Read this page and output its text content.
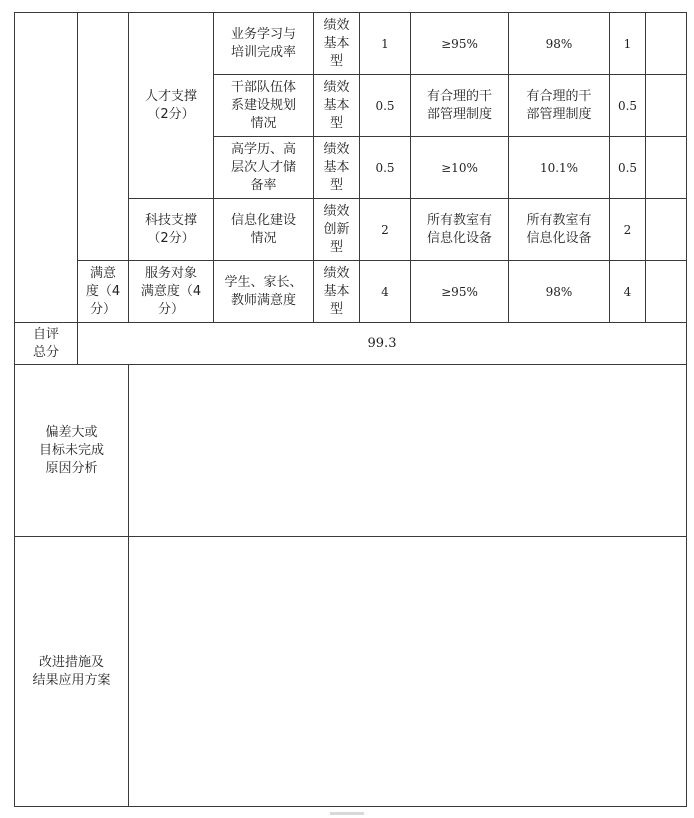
		人才支撑
（2分）	业务学习与
培训完成率	绩效
基本
型	1	≥95%	98%	1	
			干部队伍体
系建设规划
情况	绩效
基本
型	0.5	有合理的干
部管理制度	有合理的干
部管理制度	0.5	
			高学历、高
层次人才储
备率	绩效
基本
型	0.5	≥10%	10.1%	0.5	
		科技支撑
（2分）	信息化建设
情况	绩效
创新
型	2	所有教室有
信息化设备	所有教室有
信息化设备	2	
	满意
度（4
分）	服务对象
满意度（4
分）	学生、家长、
教师满意度	绩效
基本
型	4	≥95%	98%	4	
自评
总分	99.3								
偏差大或
目标未完成
原因分析									
改进措施及
结果应用方案									
